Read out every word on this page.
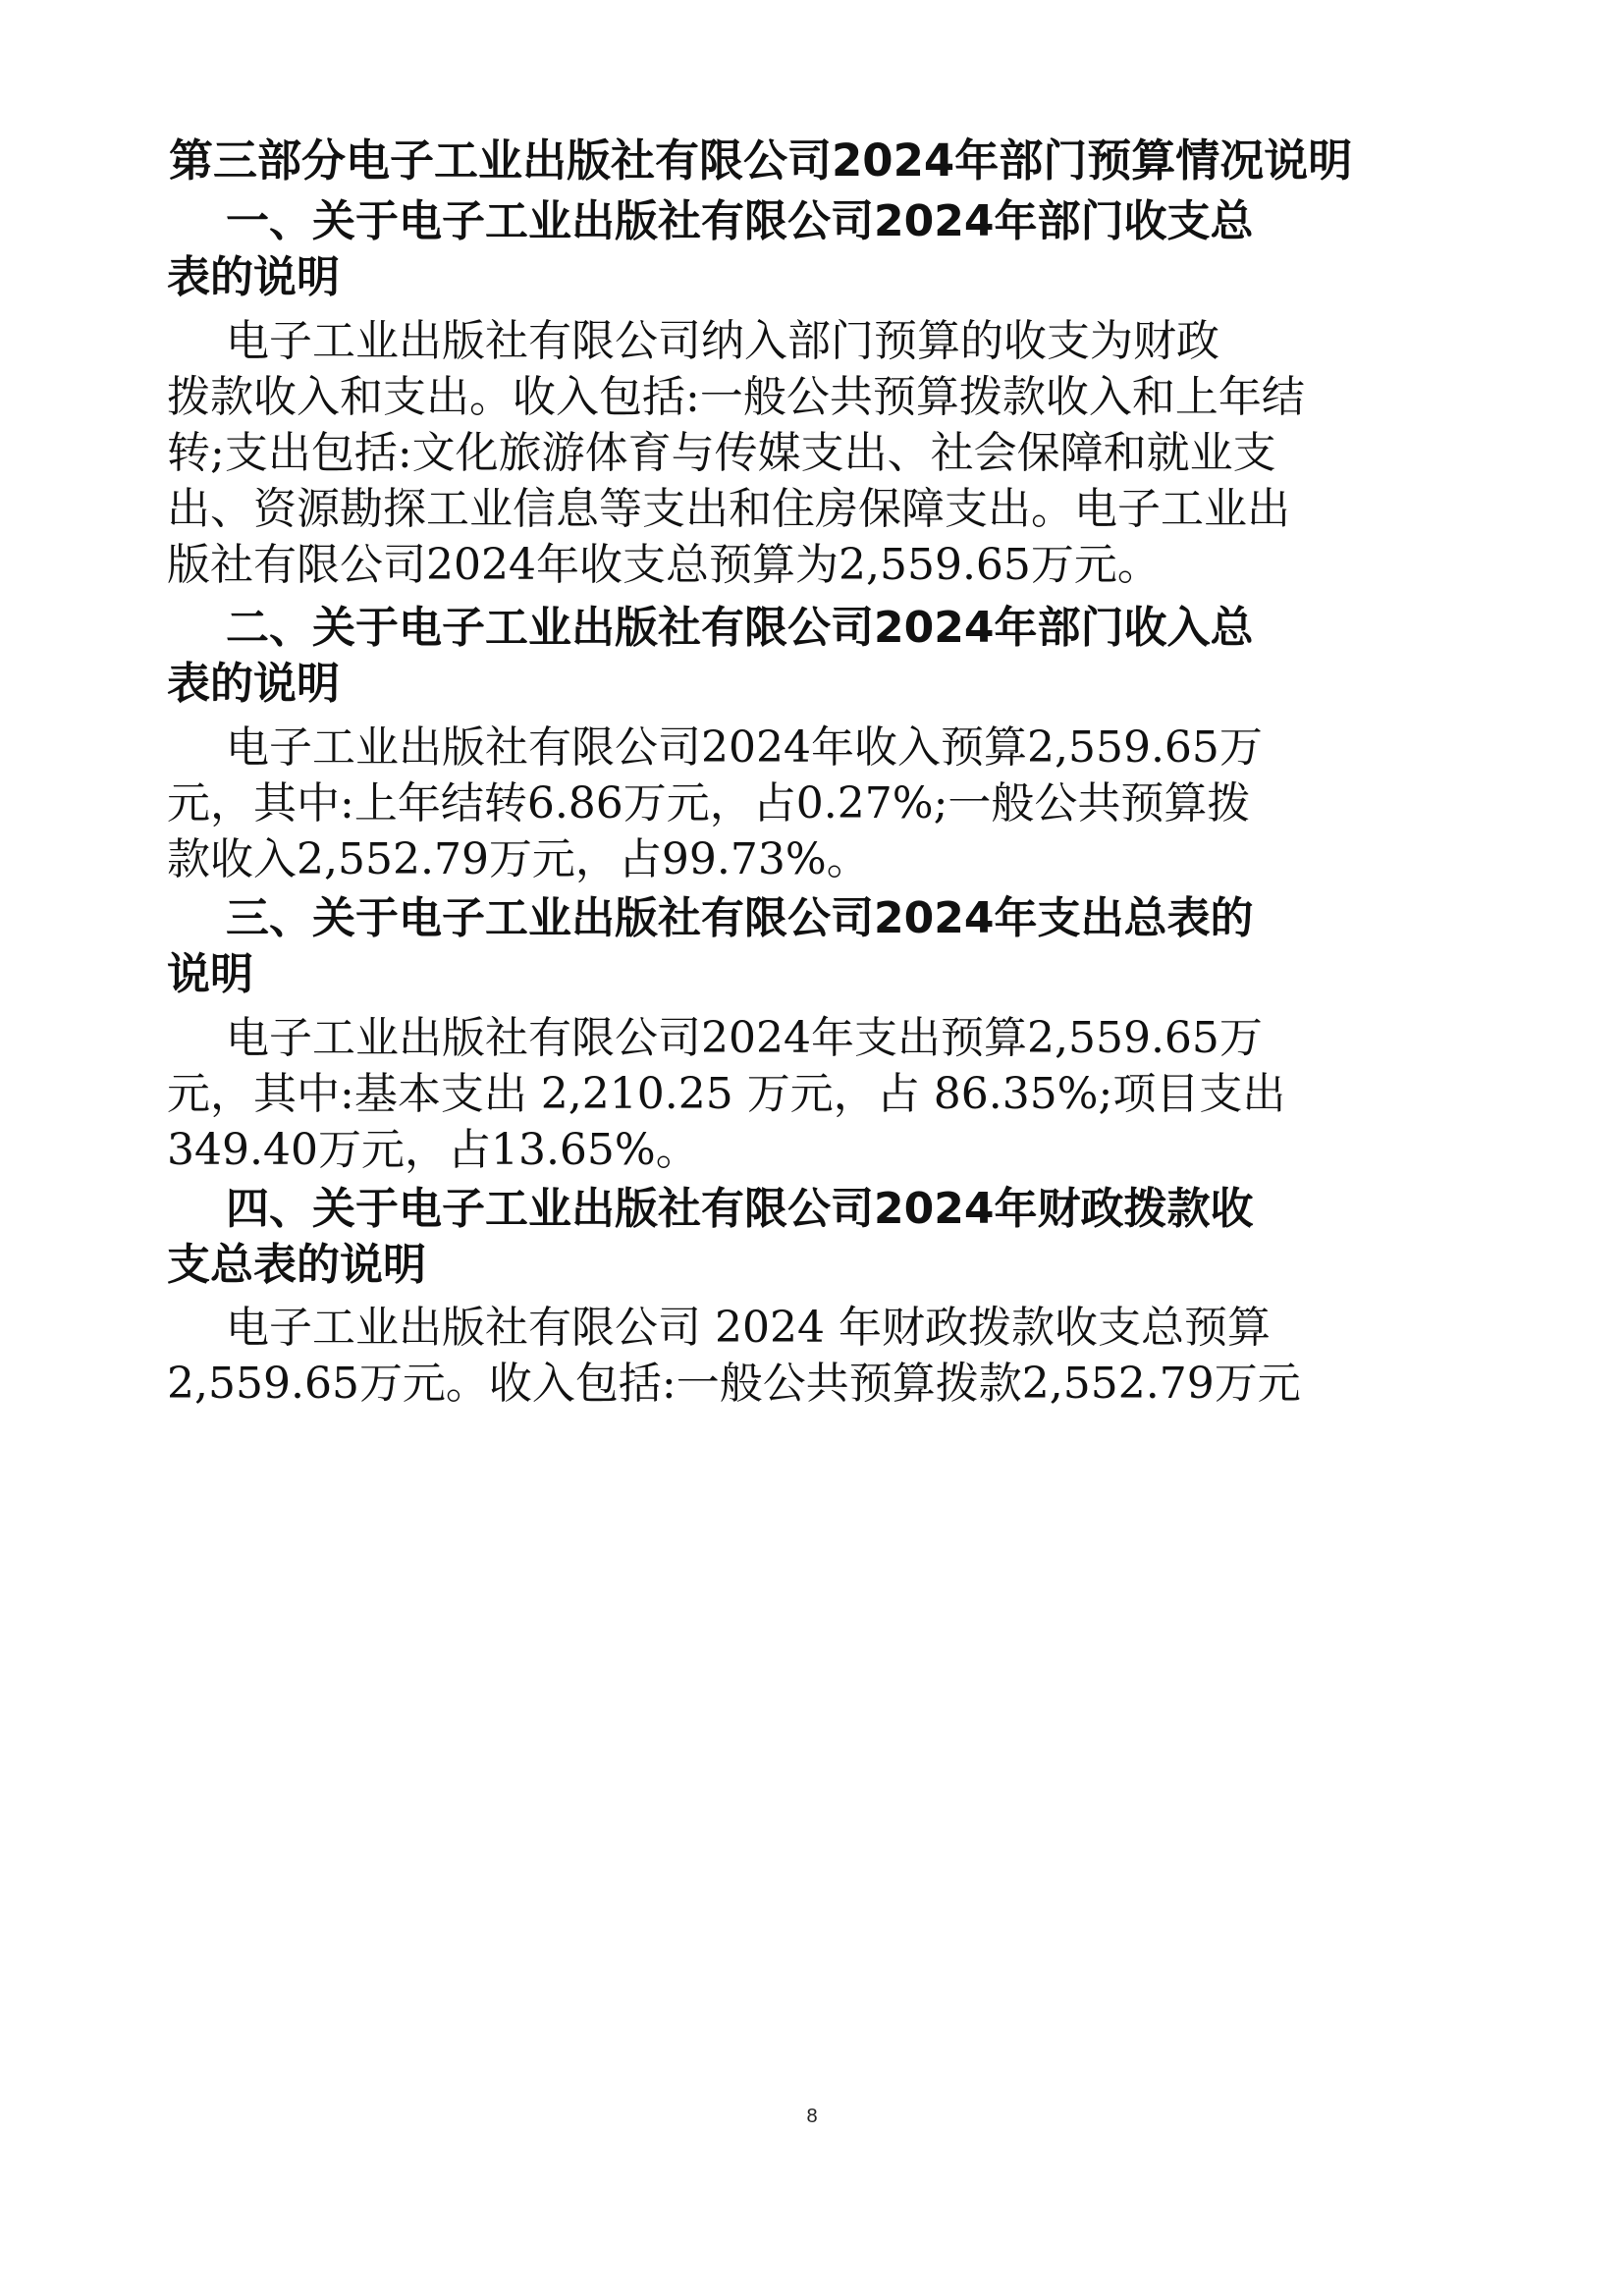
第三部分电子工业出版社有限公司2024年部门预算情况说明
一、关于电子工业出版社有限公司2024年部门收支总
表的说明
电子工业出版社有限公司纳入部门预算的收支为财政
拨款收入和支出。收入包括:一般公共预算拨款收入和上年结
转;支出包括:文化旅游体育与传媒支出、社会保障和就业支
出、资源勘探工业信息等支出和住房保障支出。电子工业出
版社有限公司2024年收支总预算为2,559.65万元。
二、关于电子工业出版社有限公司2024年部门收入总
表的说明
电子工业出版社有限公司2024年收入预算2,559.65万
元，其中:上年结转6.86万元，占0.27%;一般公共预算拨
款收入2,552.79万元，占99.73%。
三、关于电子工业出版社有限公司2024年支出总表的
说明
电子工业出版社有限公司2024年支出预算2,559.65万
元，其中:基本支出 2,210.25 万元，占 86.35%;项目支出
349.40万元，占13.65%。
四、关于电子工业出版社有限公司2024年财政拨款收
支总表的说明
电子工业出版社有限公司 2024 年财政拨款收支总预算
2,559.65万元。收入包括:一般公共预算拨款2,552.79万元
8
